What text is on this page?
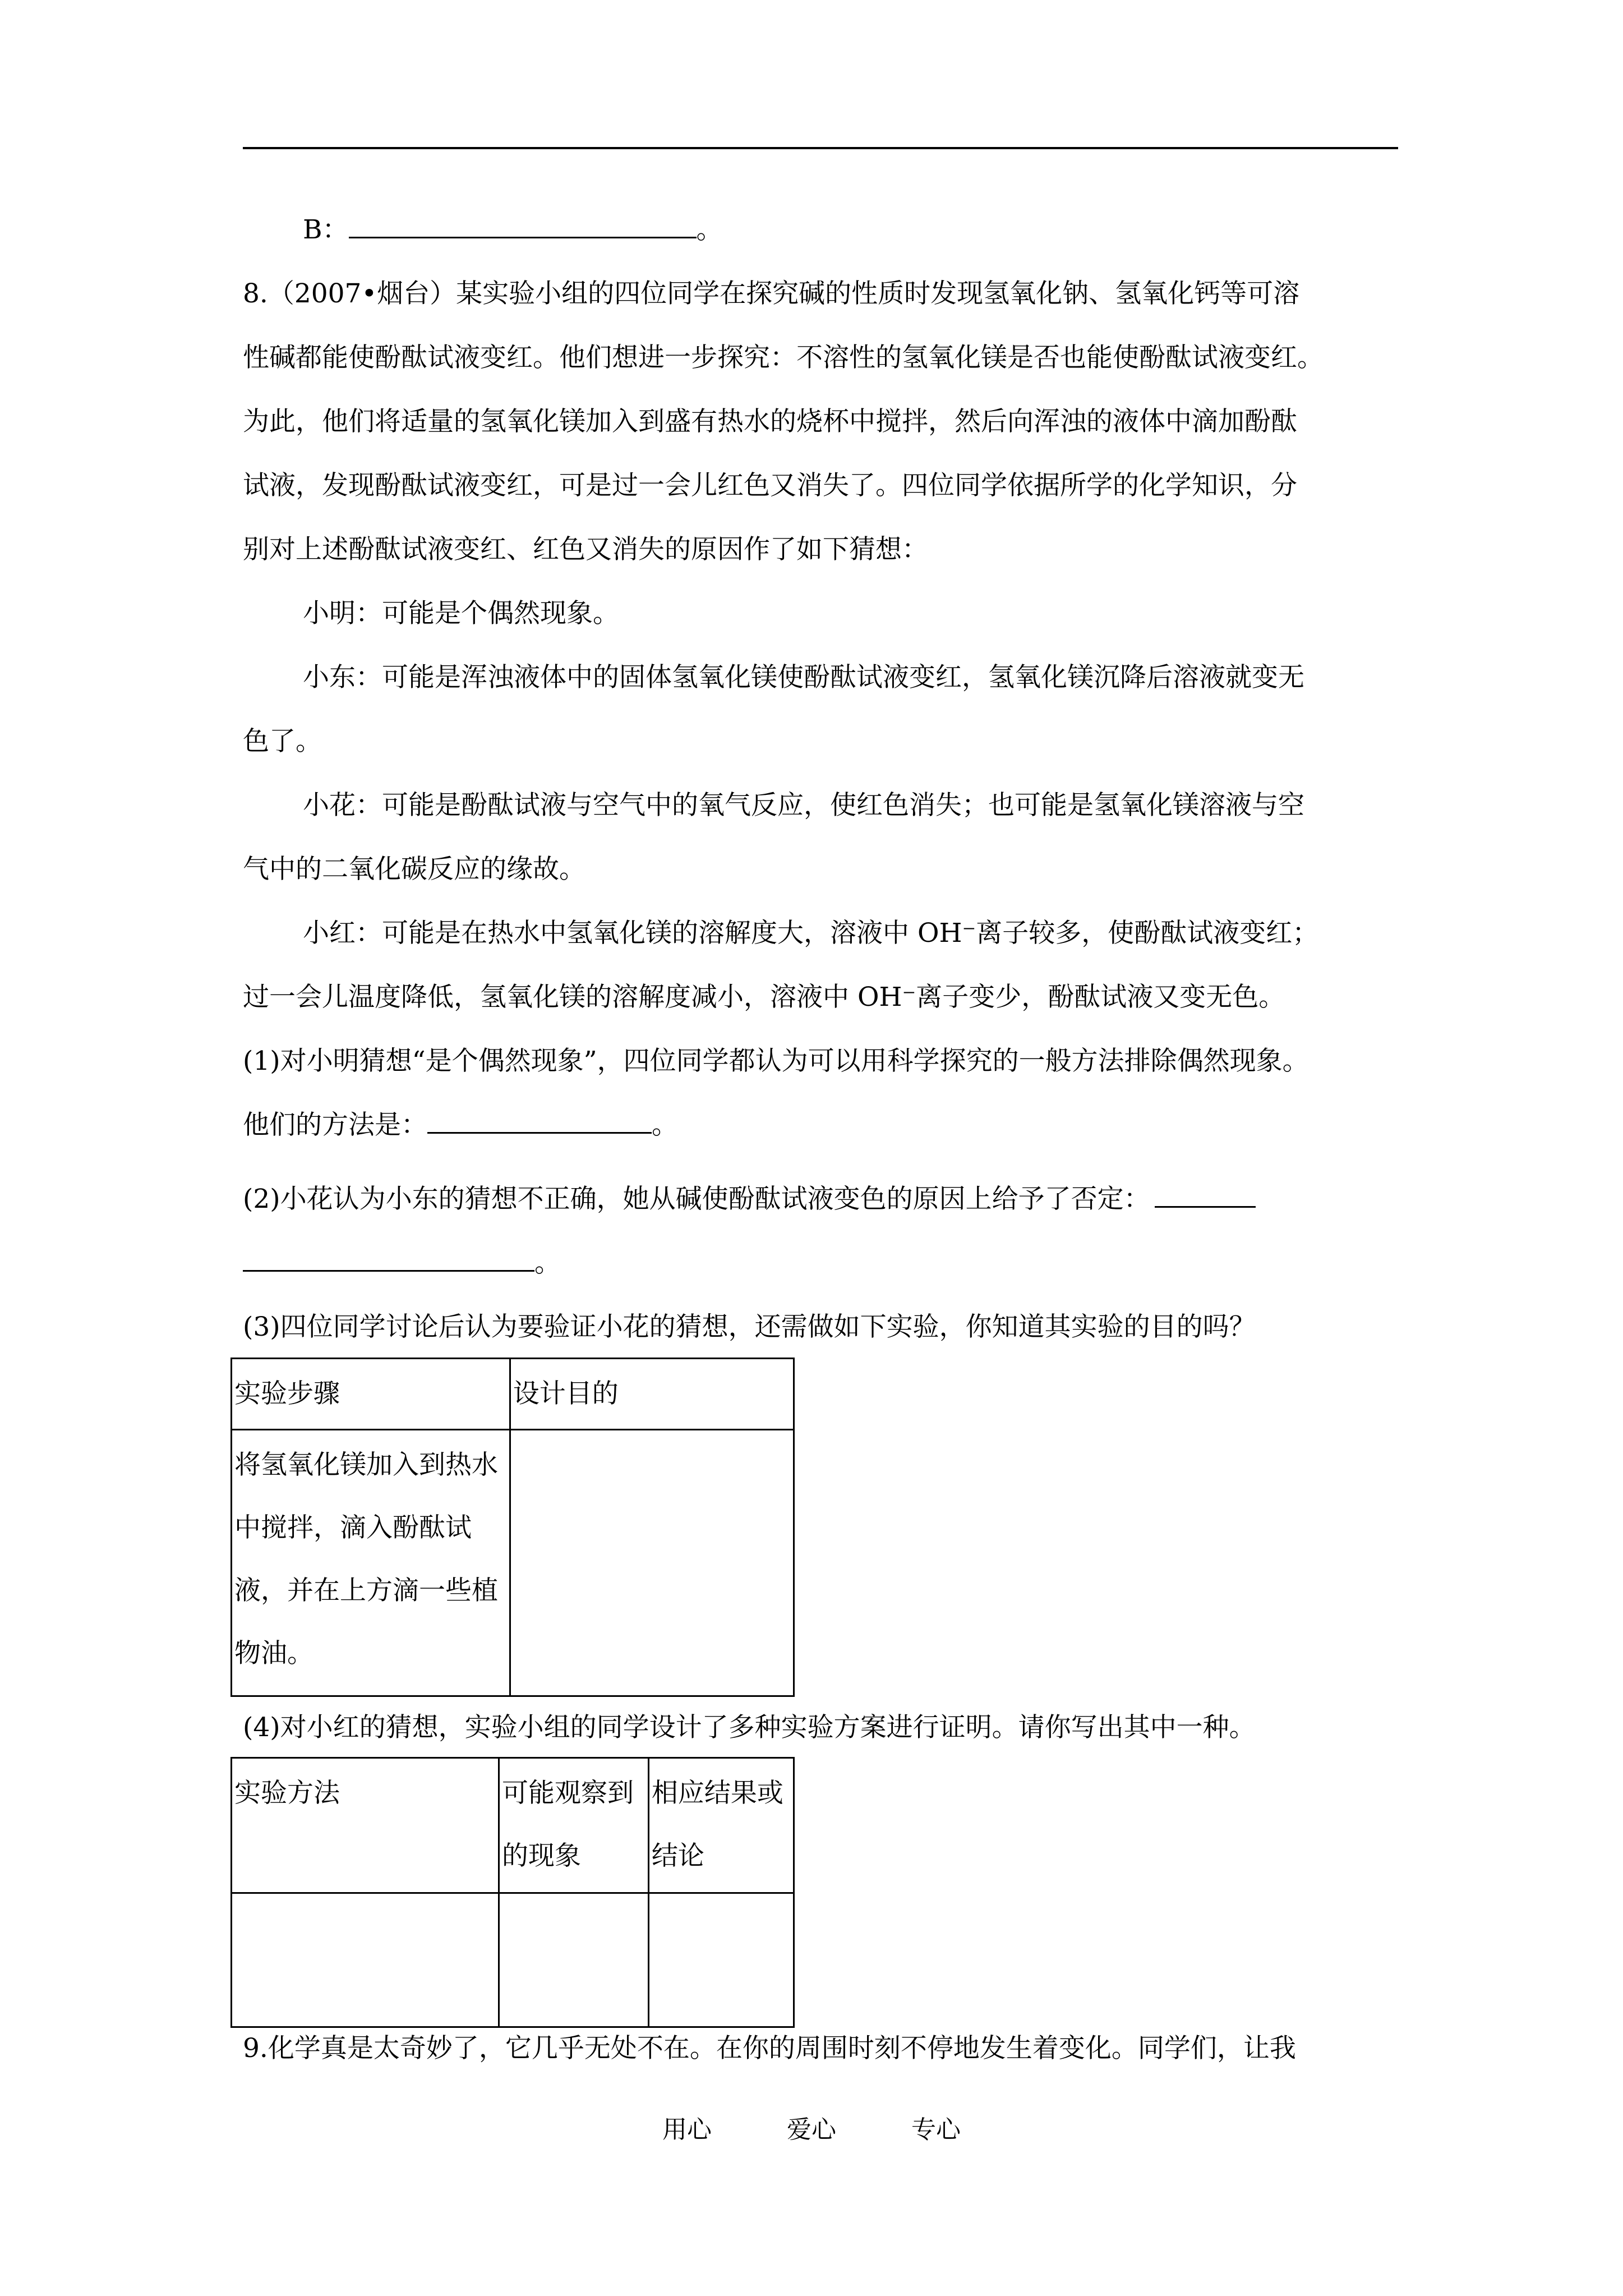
B：	。
8.（2007•烟台）某实验小组的四位同学在探究碱的性质时发现氢氧化钠、氢氧化钙等可溶
性碱都能使酚酞试液变红。他们想进一步探究：不溶性的氢氧化镁是否也能使酚酞试液变红。
为此，他们将适量的氢氧化镁加入到盛有热水的烧杯中搅拌，然后向浑浊的液体中滴加酚酞
试液，发现酚酞试液变红，可是过一会儿红色又消失了。四位同学依据所学的化学知识，分
别对上述酚酞试液变红、红色又消失的原因作了如下猜想：
小明：可能是个偶然现象。
小东：可能是浑浊液体中的固体氢氧化镁使酚酞试液变红，氢氧化镁沉降后溶液就变无
色了。
小花：可能是酚酞试液与空气中的氧气反应，使红色消失；也可能是氢氧化镁溶液与空
气中的二氧化碳反应的缘故。
小红：可能是在热水中氢氧化镁的溶解度大，溶液中 OH⁻离子较多，使酚酞试液变红；
过一会儿温度降低，氢氧化镁的溶解度减小，溶液中 OH⁻离子变少，酚酞试液又变无色。
(1)对小明猜想“是个偶然现象”，四位同学都认为可以用科学探究的一般方法排除偶然现象。
他们的方法是：	。
(2)小花认为小东的猜想不正确，她从碱使酚酞试液变色的原因上给予了否定：
。
(3)四位同学讨论后认为要验证小花的猜想，还需做如下实验，你知道其实验的目的吗？
实验步骤	设计目的
将氢氧化镁加入到热水中搅拌，滴入酚酞试液，并在上方滴一些植物油。	
(4)对小红的猜想，实验小组的同学设计了多种实验方案进行证明。请你写出其中一种。
实验方法	可能观察到的现象	相应结果或结论

9.化学真是太奇妙了，它几乎无处不在。在你的周围时刻不停地发生着变化。同学们，让我
用心	爱心	专心
